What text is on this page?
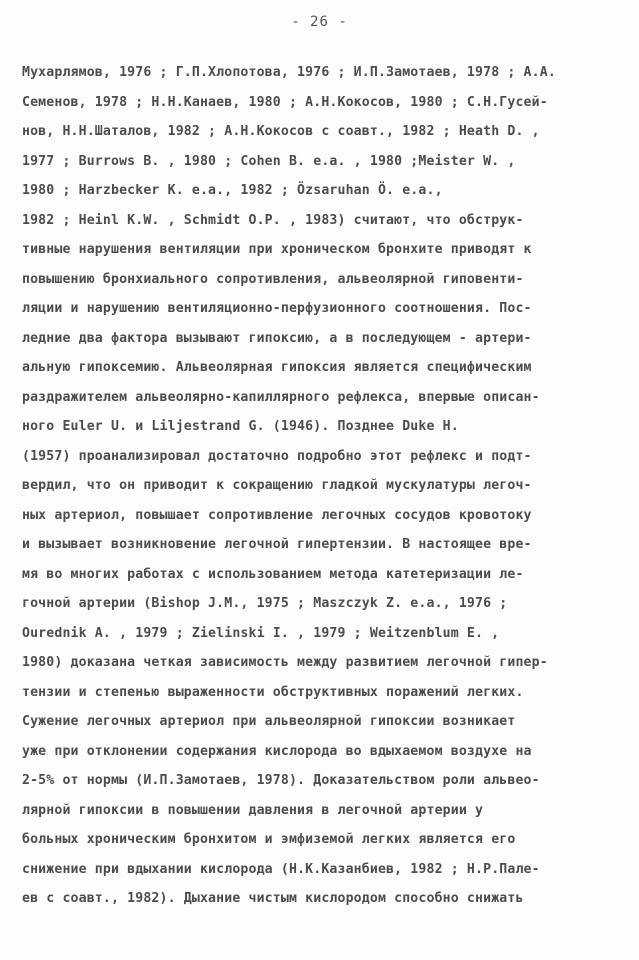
- 26 -
Мухарлямов, 1976 ; Г.П.Хлопотова, 1976 ; И.П.Замотаев, 1978 ; А.А.
Семенов, 1978 ; Н.Н.Канаев, 1980 ; А.Н.Кокосов, 1980 ; С.Н.Гусей-
нов, Н.Н.Шаталов, 1982 ; А.Н.Кокосов с соавт., 1982 ; Heath D. ,
1977 ; Burrows B. , 1980 ; Cohen B. e.a. , 1980 ;Meister W. ,
1980 ; Harzbecker K. e.a., 1982 ; Özsaruhan Ö. e.a.,
1982 ; Heinl K.W. , Schmidt O.P. , 1983) считают, что обструк-
тивные нарушения вентиляции при хроническом бронхите приводят к
повышению бронхиального сопротивления, альвеолярной гиповенти-
ляции и нарушению вентиляционно-перфузионного соотношения. Пос-
ледние два фактора вызывают гипоксию, а в последующем - артери-
альную гипоксемию. Альвеолярная гипоксия является специфическим
раздражителем альвеолярно-капиллярного рефлекса, впервые описан-
ного Euler U. и Liljestrand G. (1946). Позднее Duke H.
(1957) проанализировал достаточно подробно этот рефлекс и подт-
вердил, что он приводит к сокращению гладкой мускулатуры легоч-
ных артериол, повышает сопротивление легочных сосудов кровотоку
и вызывает возникновение легочной гипертензии. В настоящее вре-
мя во многих работах с использованием метода катетеризации ле-
гочной артерии (Bishop J.M., 1975 ; Maszczyk Z. e.a., 1976 ;
Ourednik A. , 1979 ; Zielinski I. , 1979 ; Weitzenblum E. ,
1980) доказана четкая зависимость между развитием легочной гипер-
тензии и степенью выраженности обструктивных поражений легких.
Сужение легочных артериол при альвеолярной гипоксии возникает
уже при отклонении содержания кислорода во вдыхаемом воздухе на
2-5% от нормы (И.П.Замотаев, 1978). Доказательством роли альвео-
лярной гипоксии в повышении давления в легочной артерии у
больных хроническим бронхитом и эмфиземой легких является его
снижение при вдыхании кислорода (Н.К.Казанбиев, 1982 ; Н.Р.Пале-
ев с соавт., 1982). Дыхание чистым кислородом способно снижать
